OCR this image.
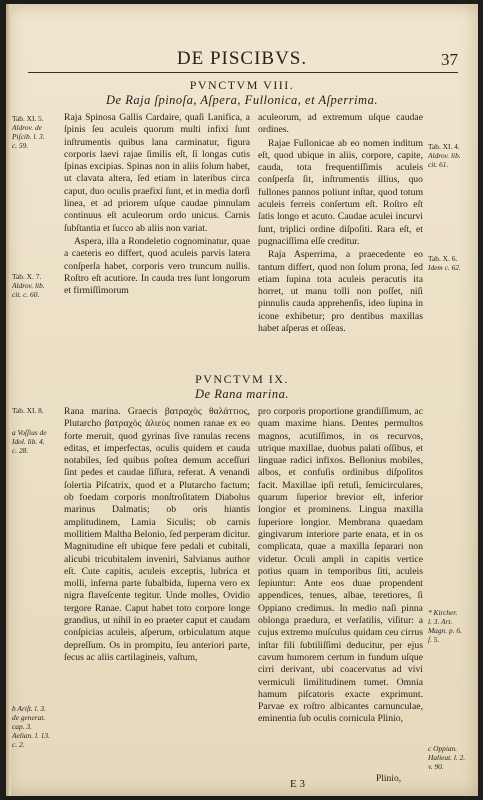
DE PISCIBVS.	37
PVNCTVM VIII.
De Raja ſpinoſa, Aſpera, Fullonica, et Aſperrima.
Tab. XI. 5.
Aldrov. de
Piſcib. l. 3.
c. 59.
Tab. X. 7.
Aldrov. lib.
cit. c. 60.

Raja Spinosa Gallis Cardaire, quaſi Lanifica, a ſpinis ſeu aculeis quorum multi infixi ſunt inſtrumentis quibus lana carminatur, figura corporis laevi rajae ſimilis eſt, ſi longas cutis ſpinas excipias. Spinas non in aliis ſolum habet, ut clavata altera, ſed etiam in lateribus circa caput, duo oculis praefixi ſunt, et in media dorſi linea, et ad priorem uſque caudae pinnulam continuus eſt aculeorum ordo unicus. Carnis ſubſtantia et ſucco ab aliis non variat.

Aspera, illa a Rondeletio cognominatur, quae a caeteris eo differt, quod aculeis parvis latera conſperſa habet, corporis vero truncum nullis. Roſtro eſt acutiore. In cauda tres ſunt longorum et firmiſſimorum

aculeorum, ad extremum uſque caudae ordines.

Rajae Fullonicae ab eo nomen inditum eſt, quod ubique in aliis, corpore, capite, cauda, tota frequentiſſimis aculeis conſperſa ſit, inſtrumentis illius, quo fullones pannos poliunt inſtar, quod totum aculeis ferreis conſertum eſt. Roſtro eſt ſatis longo et acuto. Caudae aculei incurvi ſunt, triplici ordine diſpoſiti. Rara eſt, et pugnaciſſima eſſe creditur.

Raja Asperrima, a praecedente eo tantum differt, quod non ſolum prona, ſed etiam ſupina tota aculeis peracutis ita horret, ut manu tolli non poſſet, niſi pinnulis cauda apprehenſis, ideo ſupina in icone exhibetur; pro dentibus maxillas habet aſperas et oſſeas.

Tab. XI. 4.
Aldrov. lib.
cit. 61.
Tab. X. 6.
Idem c. 62.
PVNCTVM IX.
De Rana marina.
Tab. XI. 8.
a Voſſius de
Idol. lib. 4.
c. 28.
b Ariſt. l. 3.
de generat.
cap. 3.
Aelian. l. 13.
c. 2.

Rana marina. Graecis βατραχὸς θαλάττιος, Plutarcho βατραχὸς ἁλιεὺς nomen ranae ex eo forte meruit, quod gyrinas ſive ranulas recens editas, et imperfectas, oculis quidem et cauda notabiles, ſed quibus poſtea demum acceſſuri ſint pedes et caudae ſiſſura, referat. A venandi ſolertia Piſcatrix, quod et a Plutarcho factum; ob foedam corporis monſtroſitatem Diabolus marinus Dalmatis; ob oris hiantis amplitudinem, Lamia Siculis; ob carnis mollitiem Maltha Belonio, ſed perperam dicitur. Magnitudine eſt ubique fere pedali et cubitali, alicubi tricubitalem inveniri, Salvianus author eſt. Cute capitis, aculeis exceptis, lubrica et molli, inferna parte ſubalbida, ſuperna vero ex nigra flaveſcente tegitur. Unde molles, Ovidio tergore Ranae. Caput habet toto corpore longe grandius, ut nihil in eo praeter caput et caudam conſpicias aculeis, aſperum, orbiculatum atque depreſſum. Os in prompitu, ſeu anteriori parte, ſecus ac aliis cartilagineis, vaſtum,

pro corporis proportione grandiſſimum, ac quam maxime hians. Dentes permultos magnos, acutiſſimos, in os recurvos, utrique maxillae, duobus palati oſſibus, et linguae radici infixos. Bellonius mobiles, albos, et confuſis ordinibus diſpoſitos facit. Maxillae ipſi retuſi, ſemicirculares, quarum ſuperior brevior eſt, inferior longior et prominens. Lingua maxilla ſuperiore longior. Membrana quaedam gingivarum interiore parte enata, et in os complicata, quae a maxilla ſeparari non videtur. Oculi ampli in capitis vertice potius quam in temporibus ſiti, aculeis ſepiuntur: Ante eos duae propendent appendices, tenues, albae, teretiores, ſi Oppiano credimus. In medio naſi pinna oblonga praedura, et verſatilis, viſitur: a cujus extremo muſculus quidam ceu cirrus inſtar fili ſubtiliſſimi deducitur, per ejus cavum humorem certum in fundum uſque cirri derivant, ubi coacervatus ad vivi vermiculi ſimilitudinem tumet. Omnia hamum piſcatoris exacte exprimunt. Parvae ex roſtro albicantes carnunculae, eminentia ſub oculis cornicula Plinio,

* Kircher.
l. 3. Art.
Magn. p. 6.
ſ. 5.
c Oppian.
Halieut. l. 2.
v. 90.
E 3	Plinio,
